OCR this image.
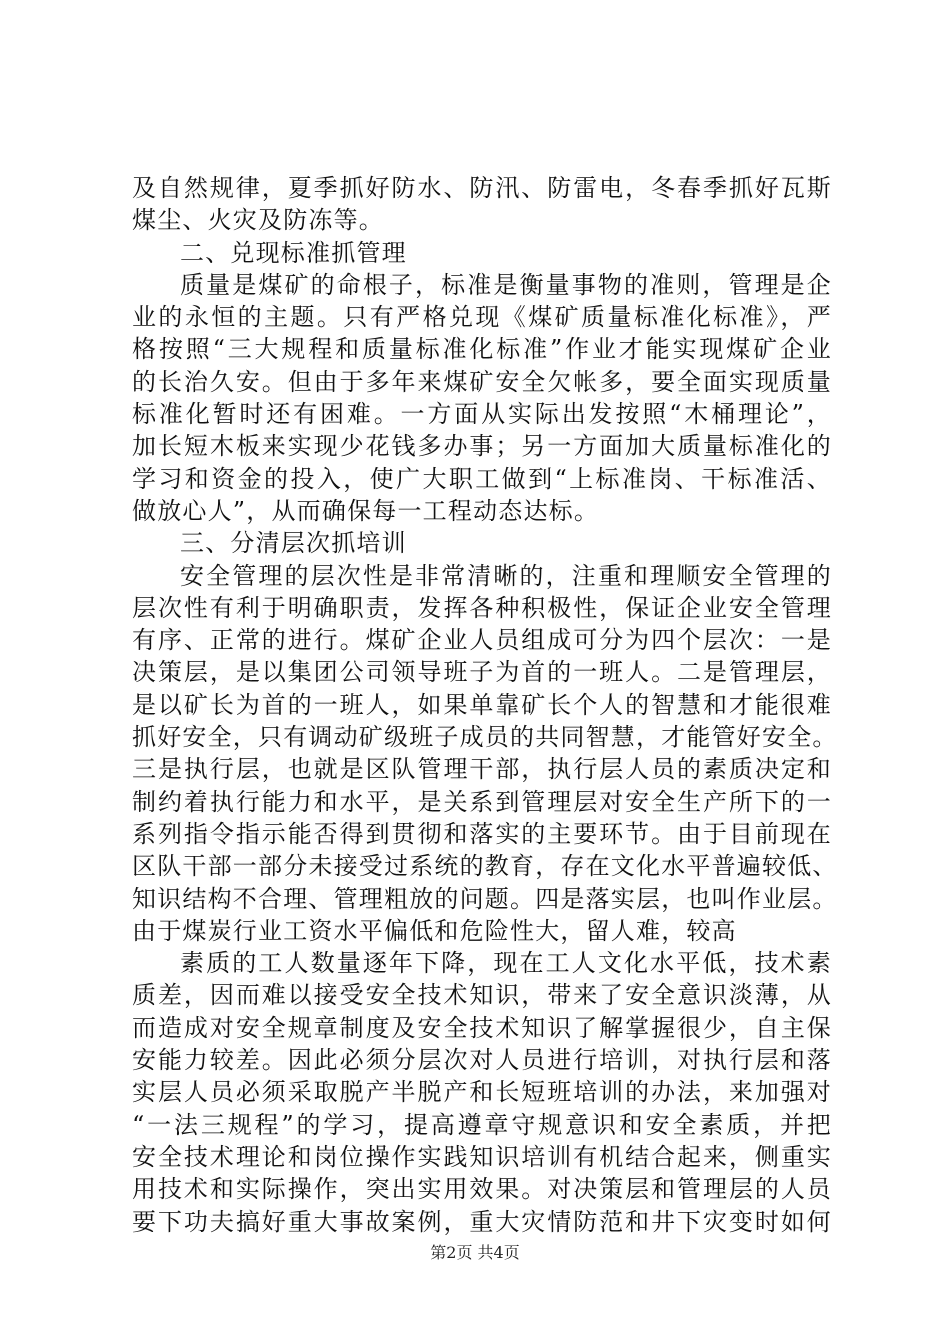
及自然规律，夏季抓好防水、防汛、防雷电，冬春季抓好瓦斯
煤尘、火灾及防冻等。
二、兑现标准抓管理
质量是煤矿的命根子，标准是衡量事物的准则，管理是企
业的永恒的主题。只有严格兑现《煤矿质量标准化标准》，严
格按照“三大规程和质量标准化标准”作业才能实现煤矿企业
的长治久安。但由于多年来煤矿安全欠帐多，要全面实现质量
标准化暂时还有困难。一方面从实际出发按照“木桶理论”，
加长短木板来实现少花钱多办事；另一方面加大质量标准化的
学习和资金的投入，使广大职工做到“上标准岗、干标准活、
做放心人”，从而确保每一工程动态达标。
三、分清层次抓培训
安全管理的层次性是非常清晰的，注重和理顺安全管理的
层次性有利于明确职责，发挥各种积极性，保证企业安全管理
有序、正常的进行。煤矿企业人员组成可分为四个层次：一是
决策层，是以集团公司领导班子为首的一班人。二是管理层，
是以矿长为首的一班人，如果单靠矿长个人的智慧和才能很难
抓好安全，只有调动矿级班子成员的共同智慧，才能管好安全。
三是执行层，也就是区队管理干部，执行层人员的素质决定和
制约着执行能力和水平，是关系到管理层对安全生产所下的一
系列指令指示能否得到贯彻和落实的主要环节。由于目前现在
区队干部一部分未接受过系统的教育，存在文化水平普遍较低、
知识结构不合理、管理粗放的问题。四是落实层，也叫作业层。
由于煤炭行业工资水平偏低和危险性大，留人难，较高
素质的工人数量逐年下降，现在工人文化水平低，技术素
质差，因而难以接受安全技术知识，带来了安全意识淡薄，从
而造成对安全规章制度及安全技术知识了解掌握很少，自主保
安能力较差。因此必须分层次对人员进行培训，对执行层和落
实层人员必须采取脱产半脱产和长短班培训的办法，来加强对
“一法三规程”的学习，提高遵章守规意识和安全素质，并把
安全技术理论和岗位操作实践知识培训有机结合起来，侧重实
用技术和实际操作，突出实用效果。对决策层和管理层的人员
要下功夫搞好重大事故案例，重大灾情防范和井下灾变时如何
第2页 共4页
